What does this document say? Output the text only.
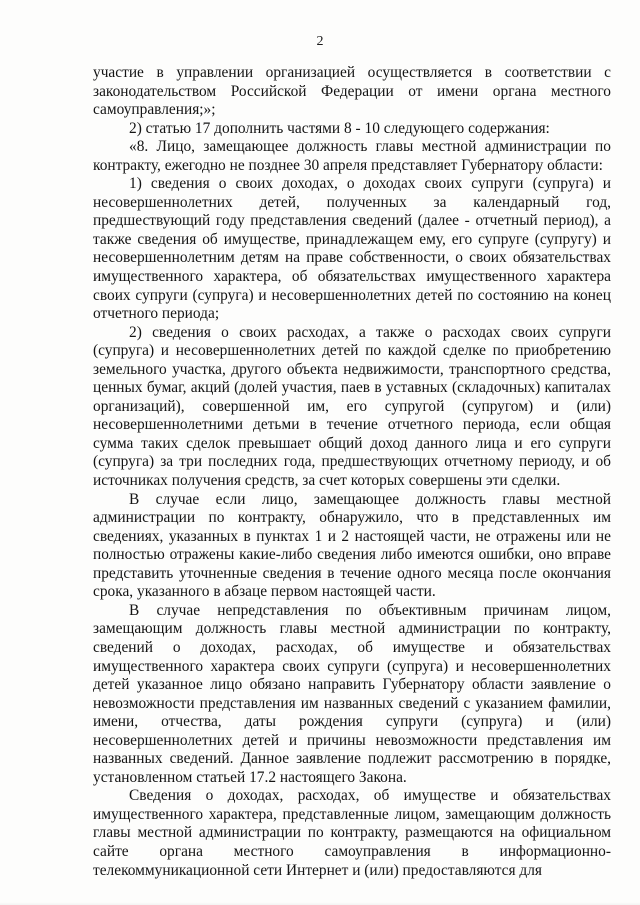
2

участие в управлении организацией осуществляется в соответствии с законодательством Российской Федерации от имени органа местного самоуправления;»;

2) статью 17 дополнить частями 8 - 10 следующего содержания:

«8. Лицо, замещающее должность главы местной администрации по контракту, ежегодно не позднее 30 апреля представляет Губернатору области:

1) сведения о своих доходах, о доходах своих супруги (супруга) и несовершеннолетних детей, полученных за календарный год, предшествующий году представления сведений (далее - отчетный период), а также сведения об имуществе, принадлежащем ему, его супруге (супругу) и несовершеннолетним детям на праве собственности, о своих обязательствах имущественного характера, об обязательствах имущественного характера своих супруги (супруга) и несовершеннолетних детей по состоянию на конец отчетного периода;

2) сведения о своих расходах, а также о расходах своих супруги (супруга) и несовершеннолетних детей по каждой сделке по приобретению земельного участка, другого объекта недвижимости, транспортного средства, ценных бумаг, акций (долей участия, паев в уставных (складочных) капиталах организаций), совершенной им, его супругой (супругом) и (или) несовершеннолетними детьми в течение отчетного периода, если общая сумма таких сделок превышает общий доход данного лица и его супруги (супруга) за три последних года, предшествующих отчетному периоду, и об источниках получения средств, за счет которых совершены эти сделки.

В случае если лицо, замещающее должность главы местной администрации по контракту, обнаружило, что в представленных им сведениях, указанных в пунктах 1 и 2 настоящей части, не отражены или не полностью отражены какие-либо сведения либо имеются ошибки, оно вправе представить уточненные сведения в течение одного месяца после окончания срока, указанного в абзаце первом настоящей части.

В случае непредставления по объективным причинам лицом, замещающим должность главы местной администрации по контракту, сведений о доходах, расходах, об имуществе и обязательствах имущественного характера своих супруги (супруга) и несовершеннолетних детей указанное лицо обязано направить Губернатору области заявление о невозможности представления им названных сведений с указанием фамилии, имени, отчества, даты рождения супруги (супруга) и (или) несовершеннолетних детей и причины невозможности представления им названных сведений. Данное заявление подлежит рассмотрению в порядке, установленном статьей 17.2 настоящего Закона.

Сведения о доходах, расходах, об имуществе и обязательствах имущественного характера, представленные лицом, замещающим должность главы местной администрации по контракту, размещаются на официальном сайте органа местного самоуправления в информационно-телекоммуникационной сети Интернет и (или) предоставляются для
